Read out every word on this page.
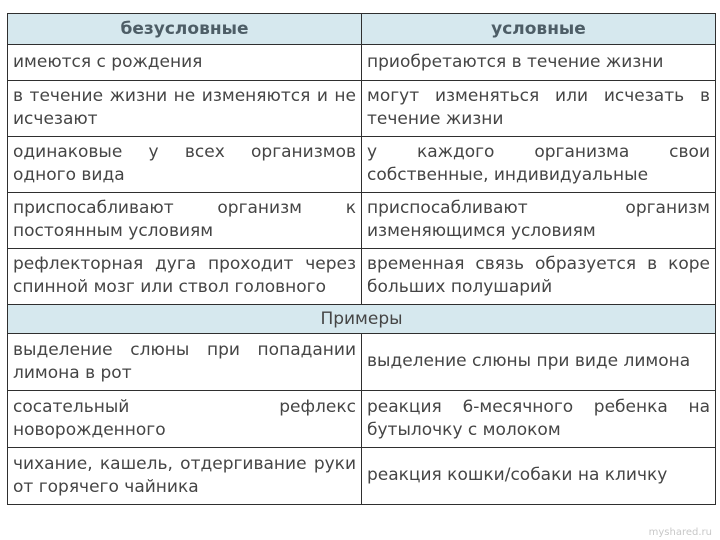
безусловные	условные
имеются с рождения	приобретаются в течение жизни
в течение жизни не изменяются и не исчезают	могут изменяться или исчезать в течение жизни
одинаковые у всех организмов одного вида	у каждого организма свои собственные, индивидуальные
приспосабливают организм к постоянным условиям	приспосабливают организм изменяющимся условиям
рефлекторная дуга проходит через спинной мозг или ствол головного	временная связь образуется в коре больших полушарий
Примеры	
выделение слюны при попадании лимона в рот	выделение слюны при виде лимона
сосательный рефлекс новорожденного	реакция 6-месячного ребенка на бутылочку с молоком
чихание, кашель, отдергивание руки от горячего чайника	реакция кошки/собаки на кличку
myshared.ru
